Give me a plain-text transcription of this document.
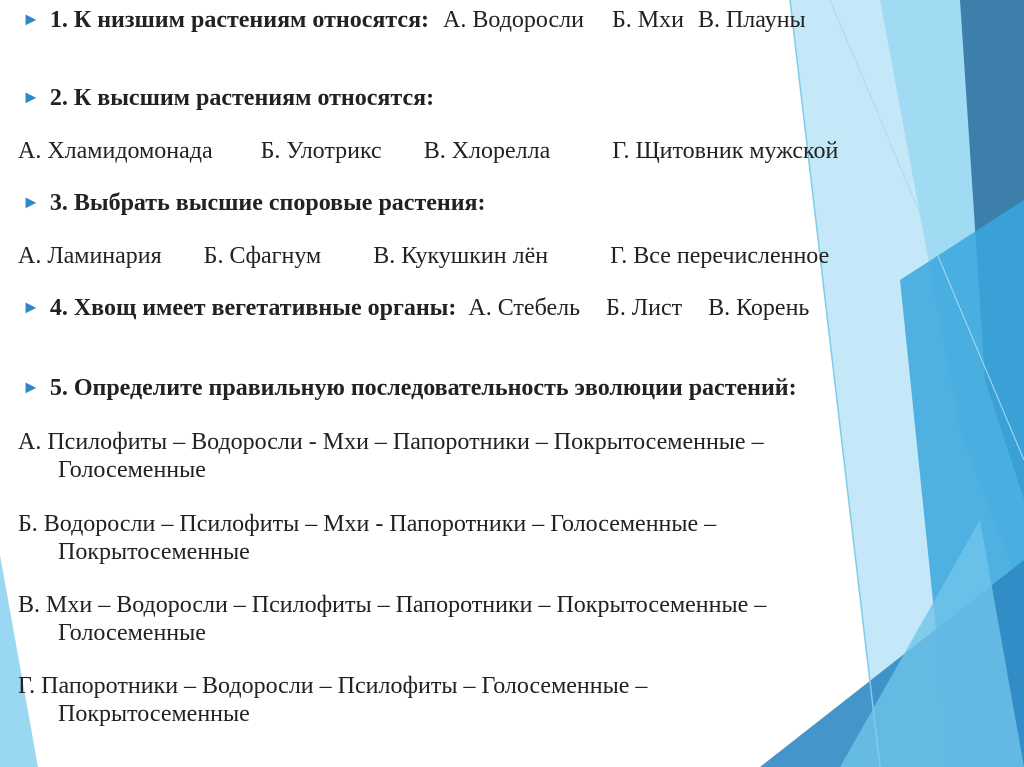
► 1. К низшим растениям относятся: А. Водоросли Б. Мхи В. Плауны

► 2. К высшим растениям относятся:

А. Хламидомонада Б. Улотрикс В. Хлорелла	Г. Щитовник мужской

► 3. Выбрать высшие споровые растения:

А. Ламинария Б. Сфагнум В. Кукушкин лён	Г. Все перечисленное

► 4. Хвощ имеет вегетативные органы: А. Стебель Б. Лист В. Корень

► 5. Определите правильную последовательность эволюции растений:

А. Псилофиты – Водоросли - Мхи – Папоротники – Покрытосеменные –
Голосеменные
Б. Водоросли – Псилофиты – Мхи - Папоротники – Голосеменные –
Покрытосеменные
В. Мхи – Водоросли – Псилофиты – Папоротники – Покрытосеменные –
Голосеменные
Г. Папоротники – Водоросли – Псилофиты – Голосеменные –
Покрытосеменные
